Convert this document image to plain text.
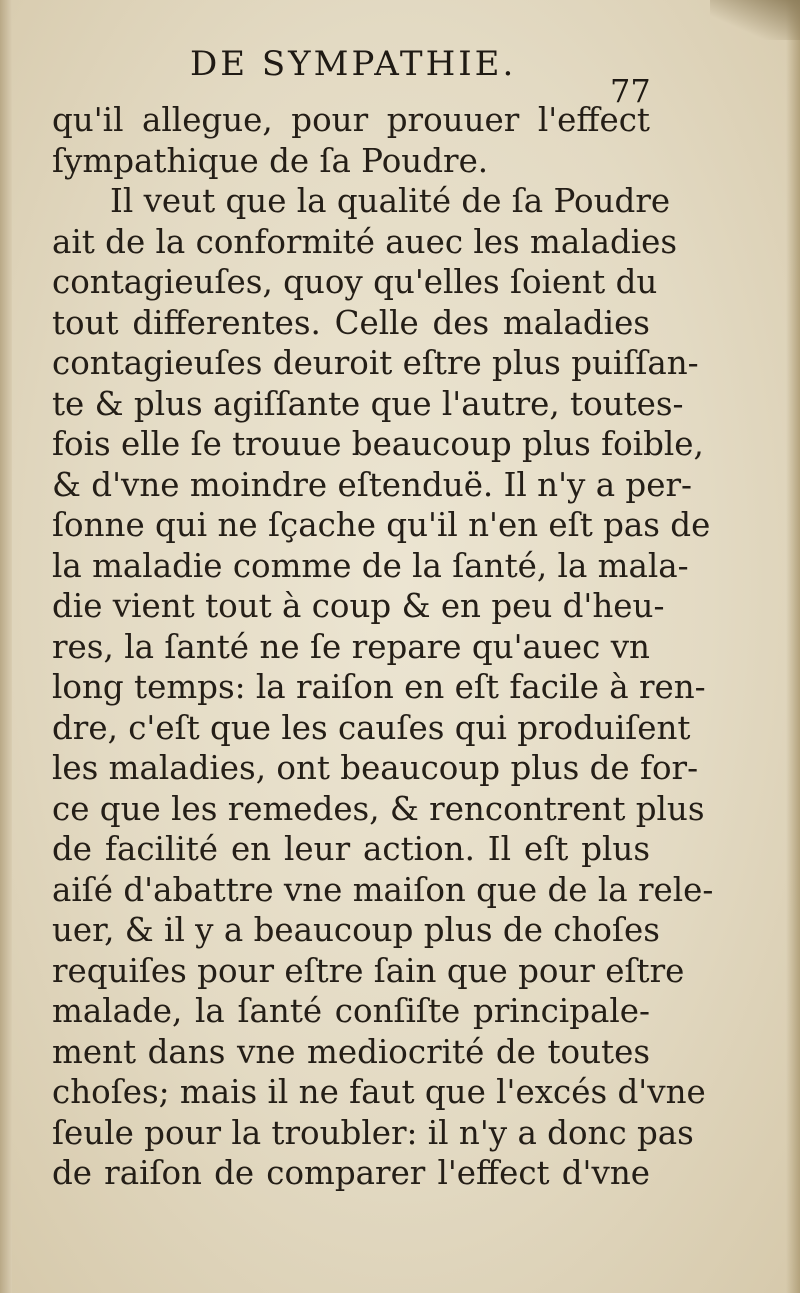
DE SYMPATHIE.
77
qu'il allegue, pour prouuer l'effect
ſympathique de ſa Poudre.
Il veut que la qualité de ſa Poudre
ait de la conformité auec les maladies
contagieuſes, quoy qu'elles ſoient du
tout differentes. Celle des maladies
contagieuſes deuroit eſtre plus puiſſan-
te & plus agiſſante que l'autre, toutes-
fois elle ſe trouue beaucoup plus foible,
& d'vne moindre eſtenduë. Il n'y a per-
ſonne qui ne ſçache qu'il n'en eſt pas de
la maladie comme de la ſanté, la mala-
die vient tout à coup & en peu d'heu-
res, la ſanté ne ſe repare qu'auec vn
long temps: la raiſon en eſt facile à ren-
dre, c'eſt que les cauſes qui produiſent
les maladies, ont beaucoup plus de for-
ce que les remedes, & rencontrent plus
de facilité en leur action. Il eſt plus
aiſé d'abattre vne maiſon que de la rele-
uer, & il y a beaucoup plus de choſes
requiſes pour eſtre ſain que pour eſtre
malade, la ſanté conſiſte principale-
ment dans vne mediocrité de toutes
choſes; mais il ne faut que l'excés d'vne
ſeule pour la troubler: il n'y a donc pas
de raiſon de comparer l'effect d'vne
